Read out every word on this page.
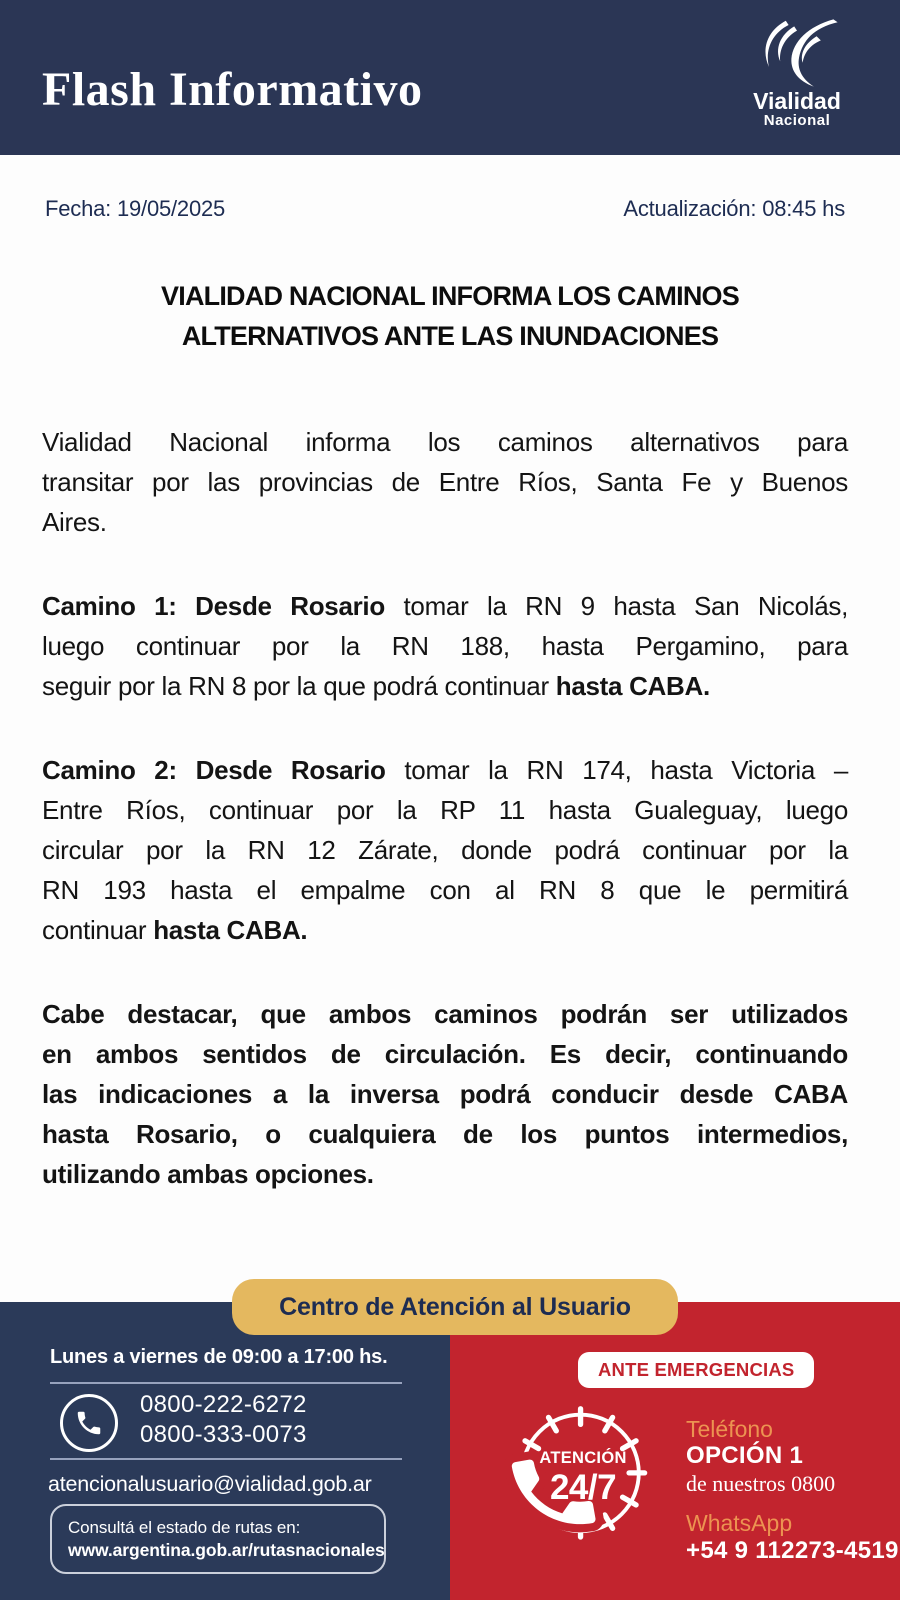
Flash Informativo	Vialidad
Nacional
Fecha: 19/05/2025	Actualización: 08:45 hs
VIALIDAD NACIONAL INFORMA LOS CAMINOS
ALTERNATIVOS ANTE LAS INUNDACIONES
Vialidad Nacional informa los caminos alternativos para
transitar por las provincias de Entre Ríos, Santa Fe y Buenos
Aires.
Camino 1: Desde Rosario tomar la RN 9 hasta San Nicolás,
luego continuar por la RN 188, hasta Pergamino, para
seguir por la RN 8 por la que podrá continuar hasta CABA.
Camino 2: Desde Rosario tomar la RN 174, hasta Victoria –
Entre Ríos, continuar por la RP 11 hasta Gualeguay, luego
circular por la RN 12 Zárate, donde podrá continuar por la
RN 193 hasta el empalme con al RN 8 que le permitirá
continuar hasta CABA.
Cabe destacar, que ambos caminos podrán ser utilizados
en ambos sentidos de circulación. Es decir, continuando
las indicaciones a la inversa podrá conducir desde CABA
hasta Rosario, o cualquiera de los puntos intermedios,
utilizando ambas opciones.
Centro de Atención al Usuario
Lunes a viernes de 09:00 a 17:00 hs.
0800-222-6272
0800-333-0073
atencionalusuario@vialidad.gob.ar
Consultá el estado de rutas en:
www.argentina.gob.ar/rutasnacionales
ANTE EMERGENCIAS
ATENCIÓN
24/7
Teléfono
OPCIÓN 1
de nuestros 0800
WhatsApp
+54 9 112273-4519
